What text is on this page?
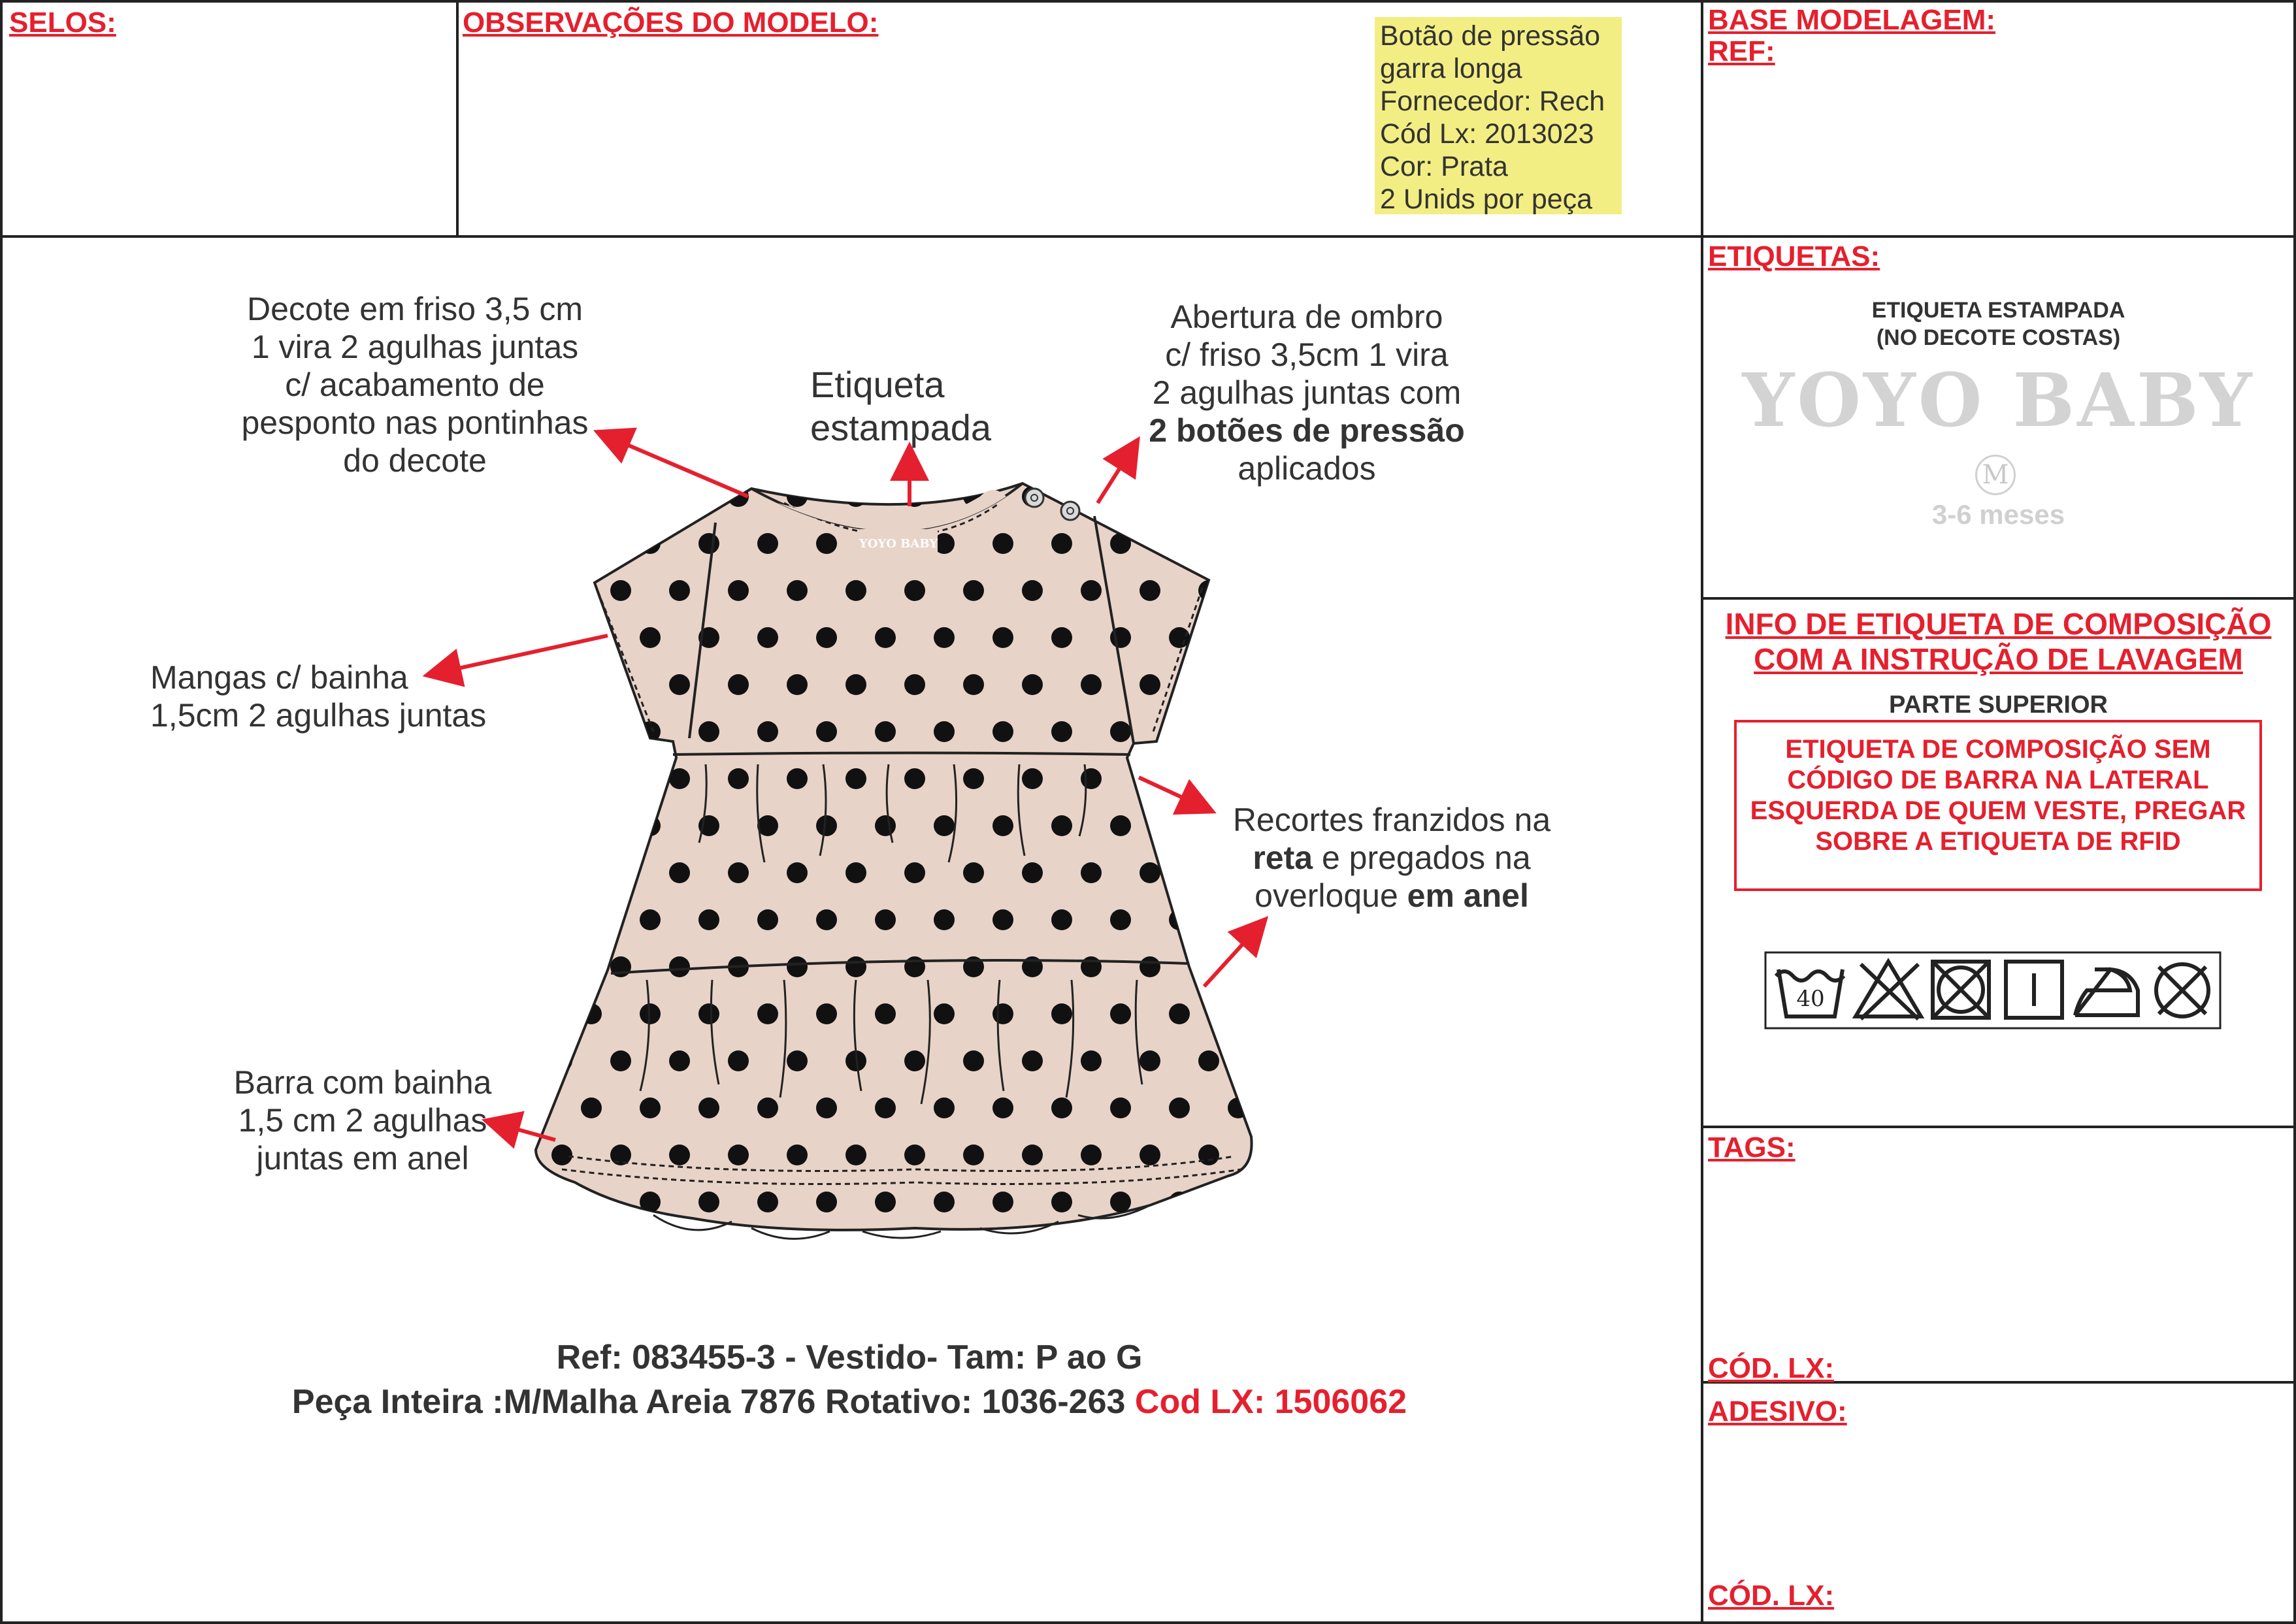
SELOS:	OBSERVAÇÕES DO MODELO:	BASE MODELAGEM:
REF:
Botão de pressão
garra longa
Fornecedor: Rech
Cód Lx: 2013023
Cor: Prata
2 Unids por peça
Decote em friso 3,5 cm
1 vira 2 agulhas juntas
c/ acabamento de
pesponto nas pontinhas
do decote
Etiqueta
estampada
Abertura de ombro
c/ friso 3,5cm 1 vira
2 agulhas juntas com
2 botões de pressão
aplicados
Mangas c/ bainha
1,5cm 2 agulhas juntas
Recortes franzidos na
reta e pregados na
overloque em anel
Barra com bainha
1,5 cm 2 agulhas
juntas em anel
YOYO BABY
Ref: 083455-3 - Vestido- Tam: P ao G
Peça Inteira :M/Malha Areia 7876 Rotativo: 1036-263 Cod LX: 1506062
ETIQUETAS:
ETIQUETA ESTAMPADA
(NO DECOTE COSTAS)
YOYO BABY
M
3-6 meses
INFO DE ETIQUETA DE COMPOSIÇÃO
COM A INSTRUÇÃO DE LAVAGEM
PARTE SUPERIOR
ETIQUETA DE COMPOSIÇÃO SEM
CÓDIGO DE BARRA NA LATERAL
ESQUERDA DE QUEM VESTE, PREGAR
SOBRE A ETIQUETA DE RFID
40
TAGS:
CÓD. LX:
ADESIVO:
CÓD. LX:
